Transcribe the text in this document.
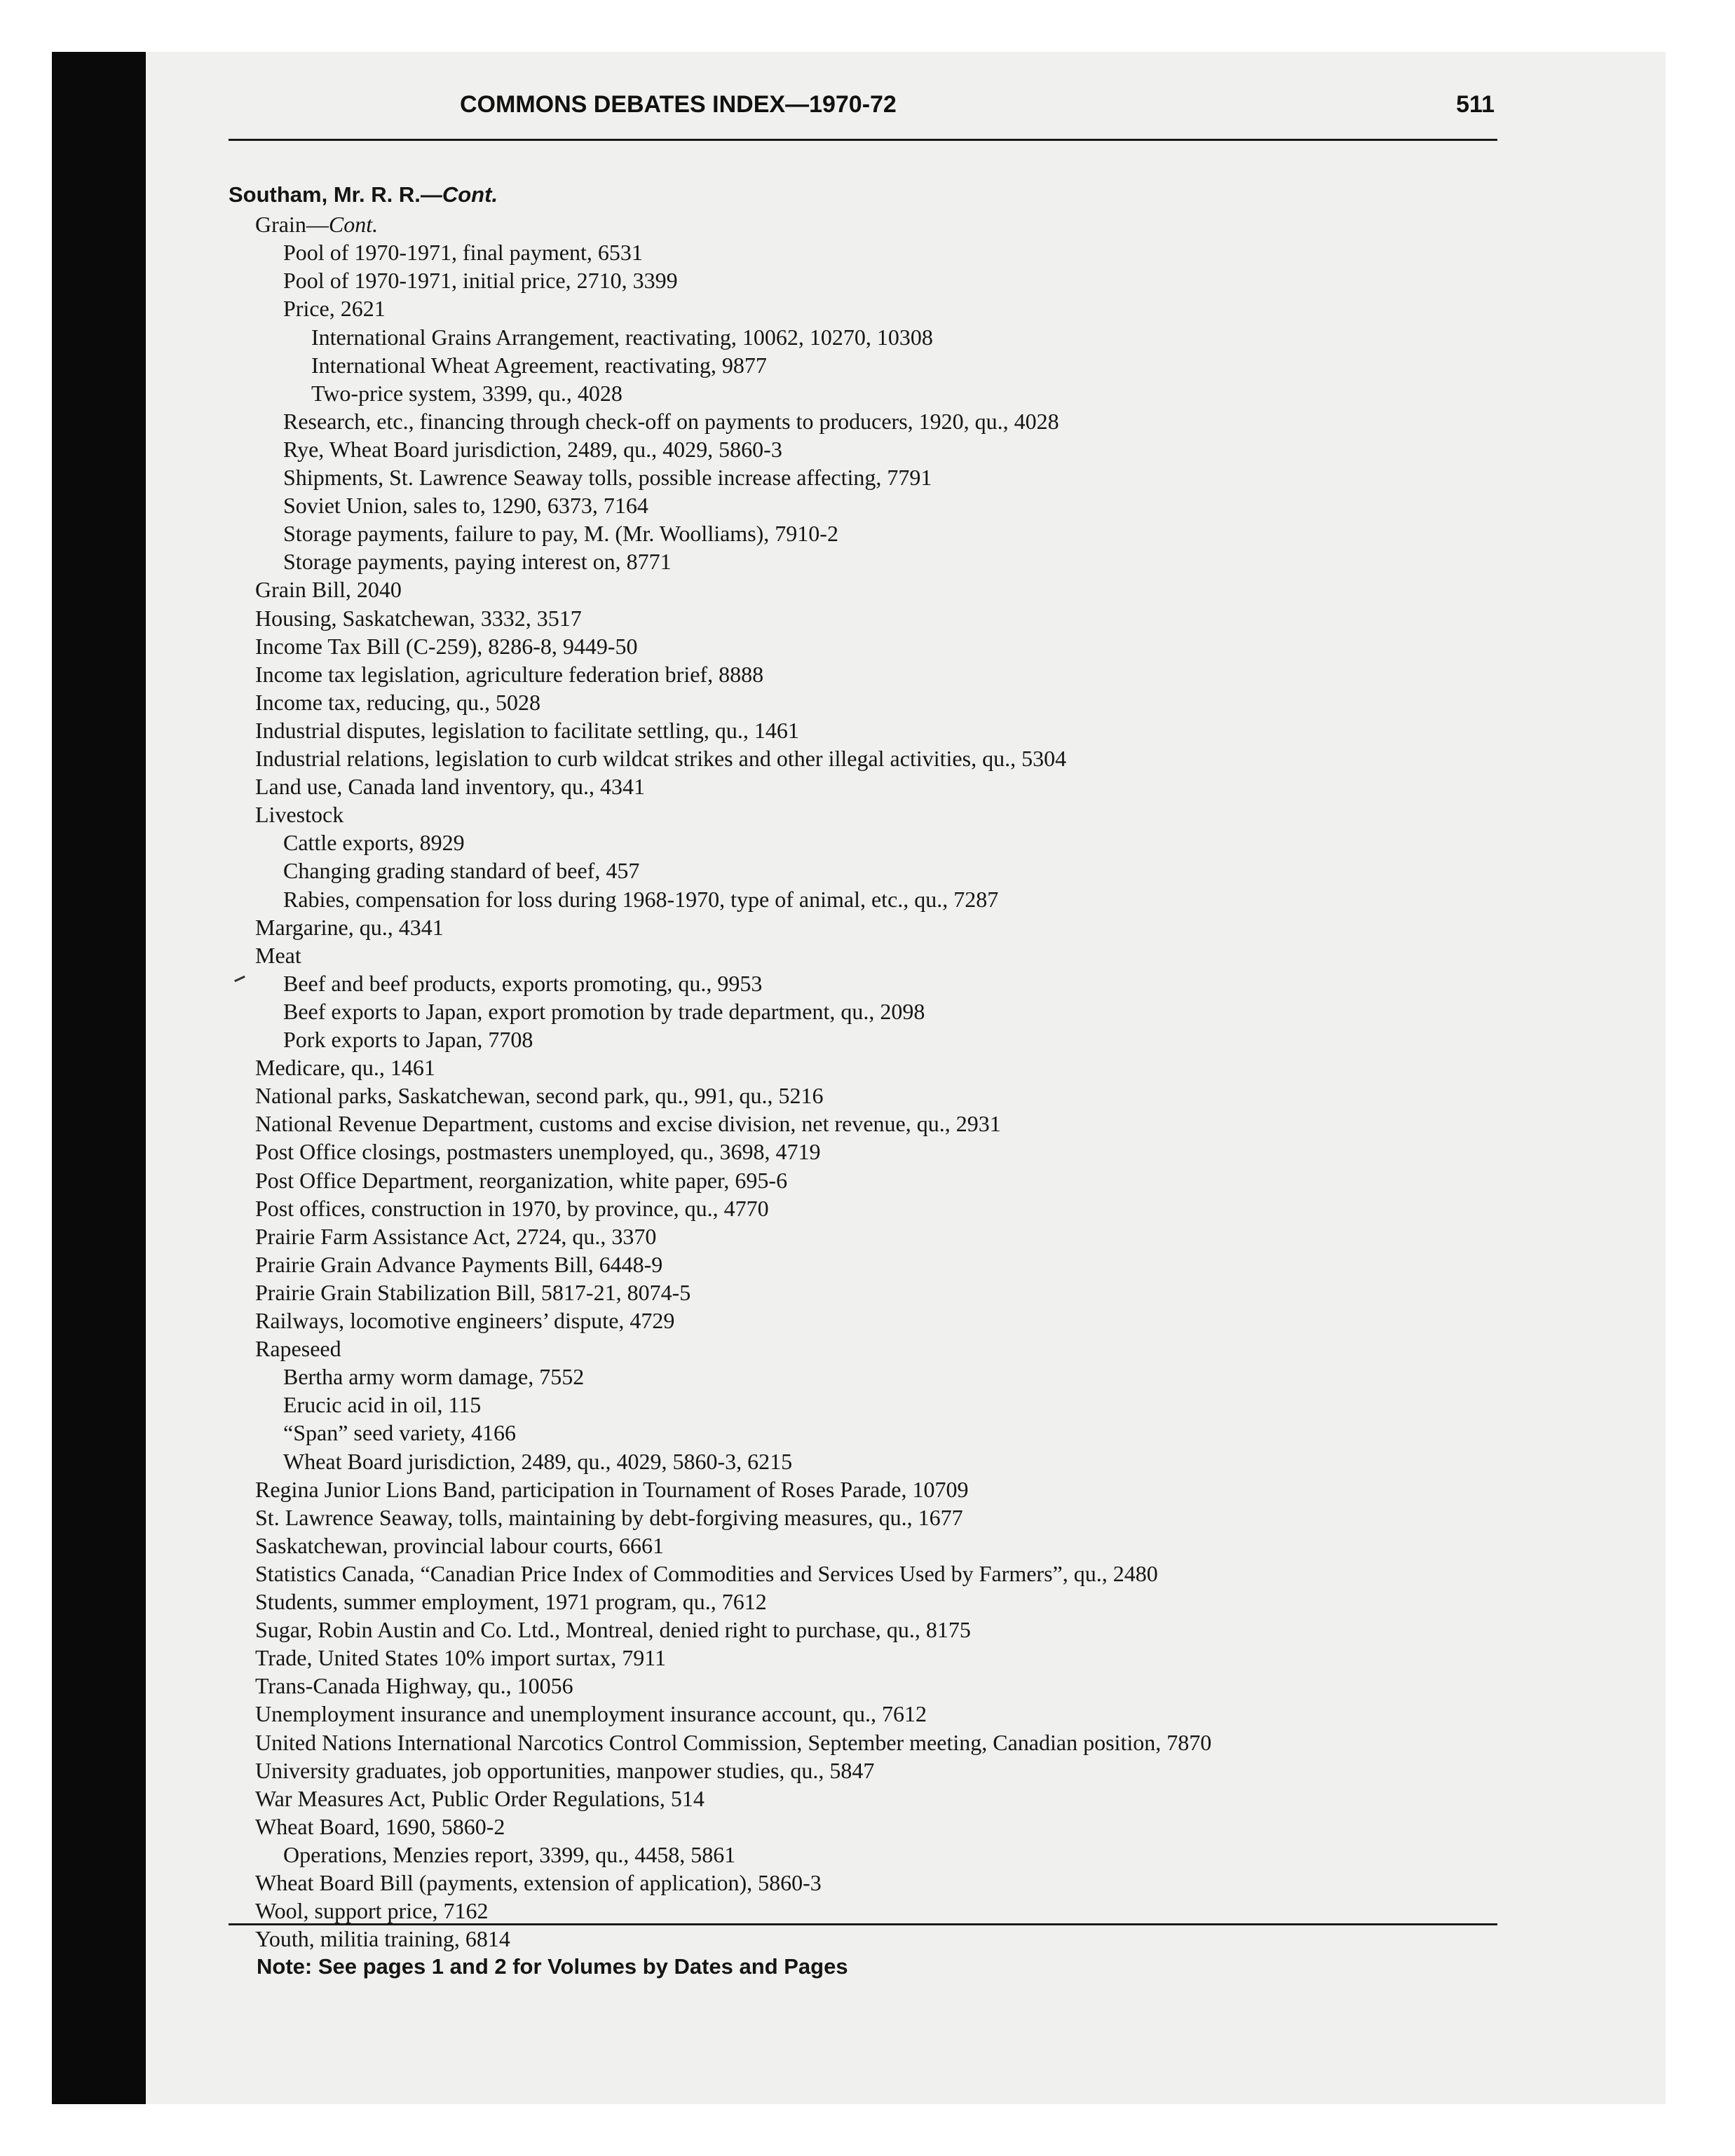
COMMONS DEBATES INDEX—1970-72	511
Southam, Mr. R. R.—Cont.
Grain—Cont.
Pool of 1970-1971, final payment, 6531
Pool of 1970-1971, initial price, 2710, 3399
Price, 2621
International Grains Arrangement, reactivating, 10062, 10270, 10308
International Wheat Agreement, reactivating, 9877
Two-price system, 3399, qu., 4028
Research, etc., financing through check-off on payments to producers, 1920, qu., 4028
Rye, Wheat Board jurisdiction, 2489, qu., 4029, 5860-3
Shipments, St. Lawrence Seaway tolls, possible increase affecting, 7791
Soviet Union, sales to, 1290, 6373, 7164
Storage payments, failure to pay, M. (Mr. Woolliams), 7910-2
Storage payments, paying interest on, 8771
Grain Bill, 2040
Housing, Saskatchewan, 3332, 3517
Income Tax Bill (C-259), 8286-8, 9449-50
Income tax legislation, agriculture federation brief, 8888
Income tax, reducing, qu., 5028
Industrial disputes, legislation to facilitate settling, qu., 1461
Industrial relations, legislation to curb wildcat strikes and other illegal activities, qu., 5304
Land use, Canada land inventory, qu., 4341
Livestock
Cattle exports, 8929
Changing grading standard of beef, 457
Rabies, compensation for loss during 1968-1970, type of animal, etc., qu., 7287
Margarine, qu., 4341
Meat
Beef and beef products, exports promoting, qu., 9953
Beef exports to Japan, export promotion by trade department, qu., 2098
Pork exports to Japan, 7708
Medicare, qu., 1461
National parks, Saskatchewan, second park, qu., 991, qu., 5216
National Revenue Department, customs and excise division, net revenue, qu., 2931
Post Office closings, postmasters unemployed, qu., 3698, 4719
Post Office Department, reorganization, white paper, 695-6
Post offices, construction in 1970, by province, qu., 4770
Prairie Farm Assistance Act, 2724, qu., 3370
Prairie Grain Advance Payments Bill, 6448-9
Prairie Grain Stabilization Bill, 5817-21, 8074-5
Railways, locomotive engineers’ dispute, 4729
Rapeseed
Bertha army worm damage, 7552
Erucic acid in oil, 115
“Span” seed variety, 4166
Wheat Board jurisdiction, 2489, qu., 4029, 5860-3, 6215
Regina Junior Lions Band, participation in Tournament of Roses Parade, 10709
St. Lawrence Seaway, tolls, maintaining by debt-forgiving measures, qu., 1677
Saskatchewan, provincial labour courts, 6661
Statistics Canada, “Canadian Price Index of Commodities and Services Used by Farmers”, qu., 2480
Students, summer employment, 1971 program, qu., 7612
Sugar, Robin Austin and Co. Ltd., Montreal, denied right to purchase, qu., 8175
Trade, United States 10% import surtax, 7911
Trans-Canada Highway, qu., 10056
Unemployment insurance and unemployment insurance account, qu., 7612
United Nations International Narcotics Control Commission, September meeting, Canadian position, 7870
University graduates, job opportunities, manpower studies, qu., 5847
War Measures Act, Public Order Regulations, 514
Wheat Board, 1690, 5860-2
Operations, Menzies report, 3399, qu., 4458, 5861
Wheat Board Bill (payments, extension of application), 5860-3
Wool, support price, 7162
Youth, militia training, 6814
Note: See pages 1 and 2 for Volumes by Dates and Pages
